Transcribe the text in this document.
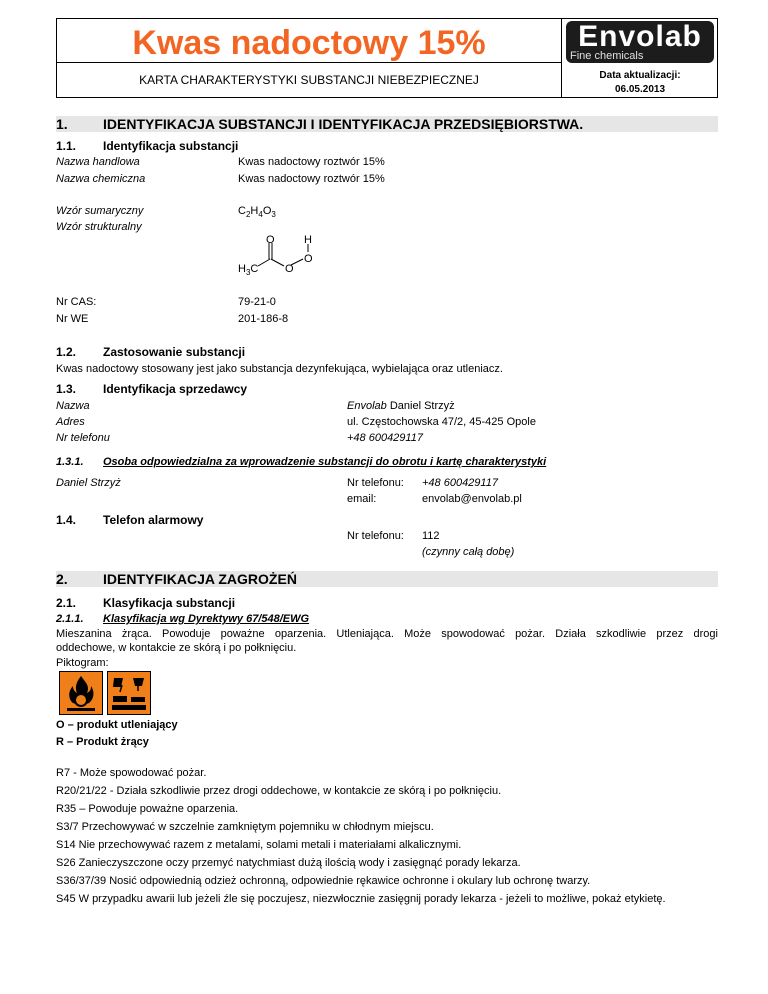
Kwas nadoctowy 15%
KARTA CHARAKTERYSTYKI SUBSTANCJI NIEBEZPIECZNEJ
Envolab
Fine chemicals
Data aktualizacji:
06.05.2013
1.	IDENTYFIKACJA SUBSTANCJI I IDENTYFIKACJA PRZEDSIĘBIORSTWA.
1.1. Identyfikacja substancji
Nazwa handlowa	Kwas nadoctowy roztwór 15%
Nazwa chemiczna	Kwas nadoctowy roztwór 15%
Wzór sumaryczny	$C_2H_4O_3$
Wzór strukturalny
O	H
O
O
$H_3C$
Nr CAS:	79-21-0
Nr WE	201-186-8
1.2. Zastosowanie substancji
Kwas nadoctowy stosowany jest jako substancja dezynfekująca, wybielająca oraz utleniacz.
1.3. Identyfikacja sprzedawcy
Nazwa	Envolab Daniel Strzyż
Adres	ul. Częstochowska 47/2, 45-425 Opole
Nr telefonu	+48 600429117
1.3.1. Osoba odpowiedzialna za wprowadzenie substancji do obrotu i kartę charakterystyki
Daniel Strzyż	Nr telefonu: +48 600429117
email:	envolab@envolab.pl
1.4. Telefon alarmowy
Nr telefonu: 112
(czynny całą dobę)
2.	IDENTYFIKACJA ZAGROŻEŃ
2.1. Klasyfikacja substancji
2.1.1. Klasyfikacja wg Dyrektywy 67/548/EWG
Mieszanina żrąca. Powoduje poważne oparzenia. Utleniająca. Może spowodować pożar. Działa szkodliwie przez drogi
oddechowe, w kontakcie ze skórą i po połknięciu.
Piktogram:
O – produkt utleniający
R – Produkt żrący
R7 - Może spowodować pożar.
R20/21/22 - Działa szkodliwie przez drogi oddechowe, w kontakcie ze skórą i po połknięciu.
R35 – Powoduje poważne oparzenia.
S3/7 Przechowywać w szczelnie zamkniętym pojemniku w chłodnym miejscu.
S14 Nie przechowywać razem z metalami, solami metali i materiałami alkalicznymi.
S26 Zanieczyszczone oczy przemyć natychmiast dużą ilością wody i zasięgnąć porady lekarza.
S36/37/39 Nosić odpowiednią odzież ochronną, odpowiednie rękawice ochronne i okulary lub ochronę twarzy.
S45 W przypadku awarii lub jeżeli źle się poczujesz, niezwłocznie zasięgnij porady lekarza - jeżeli to możliwe, pokaż etykietę.
